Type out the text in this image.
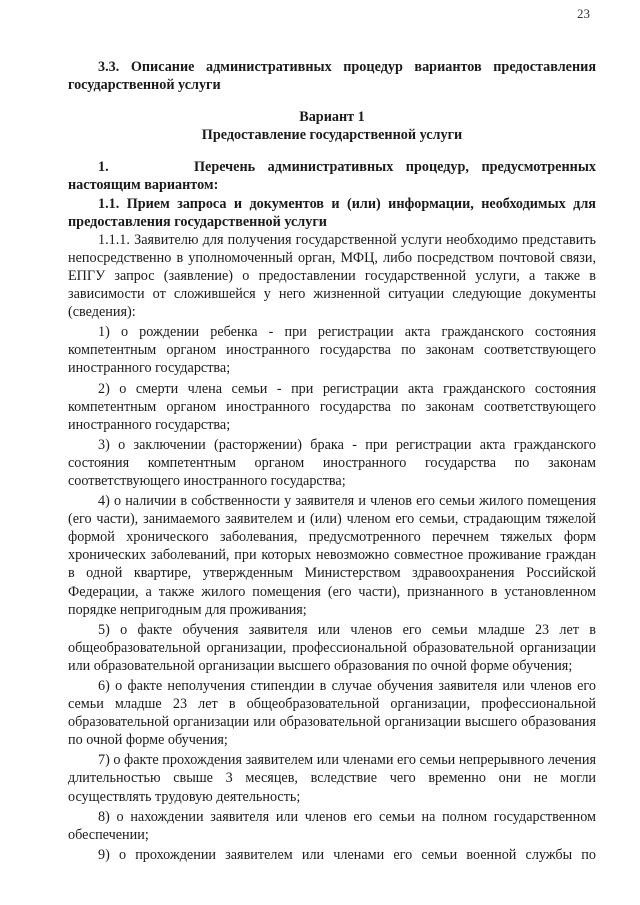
23

3.3. Описание административных процедур вариантов предоставления государственной услуги

Вариант 1

Предоставление государственной услуги

1.	Перечень административных процедур, предусмотренных настоящим вариантом:

1.1. Прием запроса и документов и (или) информации, необходимых для предоставления государственной услуги

1.1.1. Заявителю для получения государственной услуги необходимо представить непосредственно в уполномоченный орган, МФЦ, либо посредством почтовой связи, ЕПГУ запрос (заявление) о предоставлении государственной услуги, а также в зависимости от сложившейся у него жизненной ситуации следующие документы (сведения):

1) о рождении ребенка - при регистрации акта гражданского состояния компетентным органом иностранного государства по законам соответствующего иностранного государства;

2) о смерти члена семьи - при регистрации акта гражданского состояния компетентным органом иностранного государства по законам соответствующего иностранного государства;

3) о заключении (расторжении) брака - при регистрации акта гражданского состояния компетентным органом иностранного государства по законам соответствующего иностранного государства;

4) о наличии в собственности у заявителя и членов его семьи жилого помещения (его части), занимаемого заявителем и (или) членом его семьи, страдающим тяжелой формой хронического заболевания, предусмотренного перечнем тяжелых форм хронических заболеваний, при которых невозможно совместное проживание граждан в одной квартире, утвержденным Министерством здравоохранения Российской Федерации, а также жилого помещения (его части), признанного в установленном порядке непригодным для проживания;

5) о факте обучения заявителя или членов его семьи младше 23 лет в общеобразовательной организации, профессиональной образовательной организации или образовательной организации высшего образования по очной форме обучения;

6) о факте неполучения стипендии в случае обучения заявителя или членов его семьи младше 23 лет в общеобразовательной организации, профессиональной образовательной организации или образовательной организации высшего образования по очной форме обучения;

7) о факте прохождения заявителем или членами его семьи непрерывного лечения длительностью свыше 3 месяцев, вследствие чего временно они не могли осуществлять трудовую деятельность;

8) о нахождении заявителя или членов его семьи на полном государственном обеспечении;

9) о прохождении заявителем или членами его семьи военной службы по
